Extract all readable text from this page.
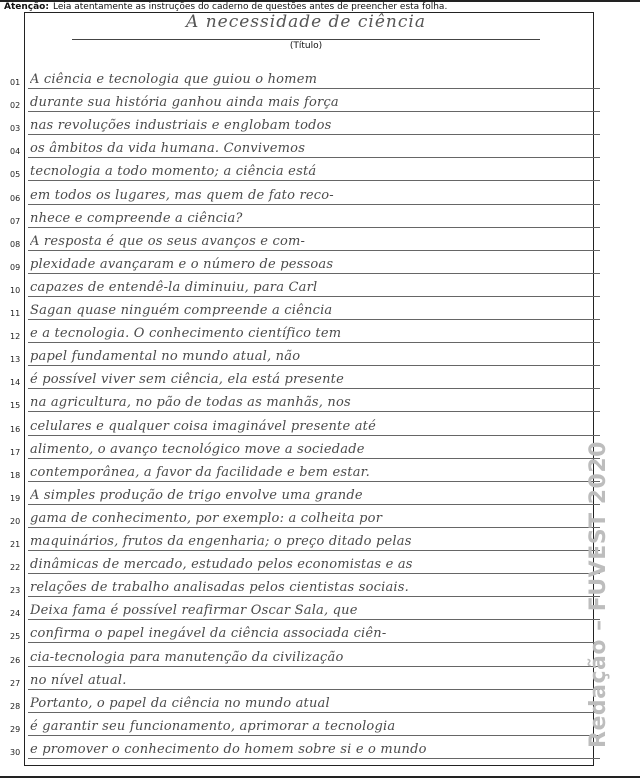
Atenção: Leia atentamente as instruções do caderno de questões antes de preencher esta folha.
A necessidade de ciência
(Título)
01 A ciência e tecnologia que guiou o homem
02 durante sua história ganhou ainda mais força
03 nas revoluções industriais e englobam todos
04 os âmbitos da vida humana. Convivemos
05 tecnologia a todo momento; a ciência está
06 em todos os lugares, mas quem de fato reco-
07 nhece e compreende a ciência?
08 A resposta é que os seus avanços e com-
09 plexidade avançaram e o número de pessoas
10 capazes de entendê-la diminuiu, para Carl
11 Sagan quase ninguém compreende a ciência
12 e a tecnologia. O conhecimento científico tem
13 papel fundamental no mundo atual, não
14 é possível viver sem ciência, ela está presente
15 na agricultura, no pão de todas as manhãs, nos
16 celulares e qualquer coisa imaginável presente até
17 alimento, o avanço tecnológico move a sociedade
18 contemporânea, a favor da facilidade e bem estar.
19 A simples produção de trigo envolve uma grande
20 gama de conhecimento, por exemplo: a colheita por
21 maquinários, frutos da engenharia; o preço ditado pelas
22 dinâmicas de mercado, estudado pelos economistas e as
23 relações de trabalho analisadas pelos cientistas sociais.
24 Deixa fama é possível reafirmar Oscar Sala, que
25 confirma o papel inegável da ciência associada ciên-
26 cia-tecnologia para manutenção da civilização
27 no nível atual.
28 Portanto, o papel da ciência no mundo atual
29 é garantir seu funcionamento, aprimorar a tecnologia
30 e promover o conhecimento do homem sobre si e o mundo
Redação – FUVEST 2020
